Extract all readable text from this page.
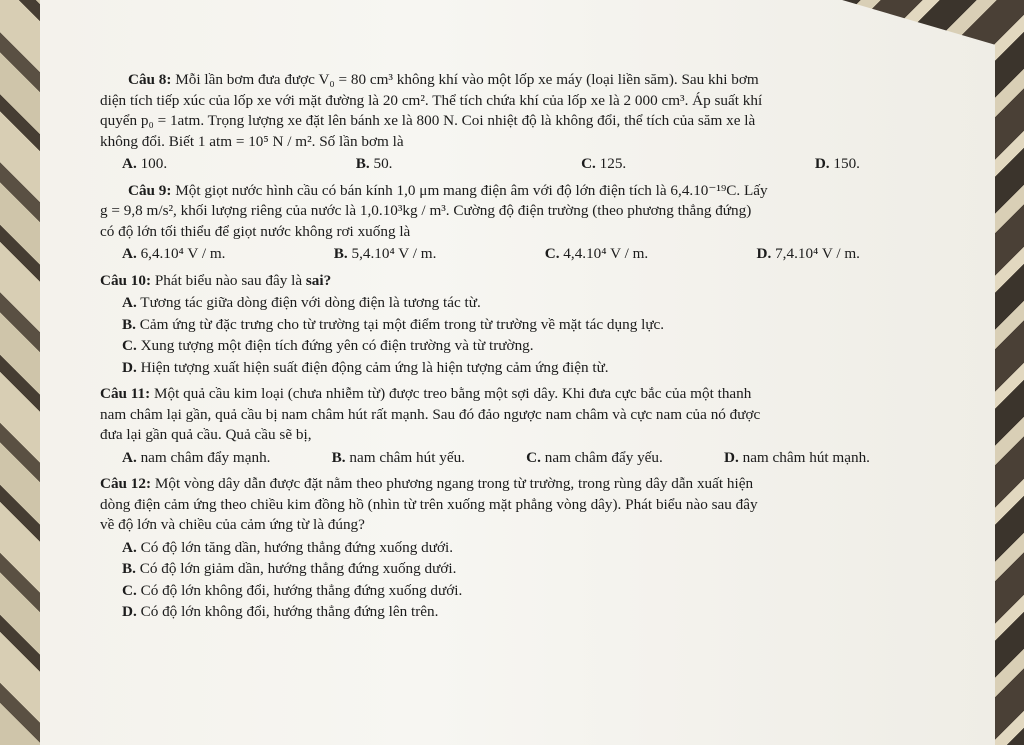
Câu 8: Mỗi lần bơm đưa được V₀ = 80 cm³ không khí vào một lốp xe máy (loại liền săm). Sau khi bơm

diện tích tiếp xúc của lốp xe với mặt đường là 20 cm². Thể tích chứa khí của lốp xe là 2 000 cm³. Áp suất khí

quyển p₀ = 1atm. Trọng lượng xe đặt lên bánh xe là 800 N. Coi nhiệt độ là không đổi, thể tích của săm xe là

không đổi. Biết 1 atm = 10⁵ N / m². Số lần bơm là

A. 100.	B. 50.	C. 125.	D. 150.

Câu 9: Một giọt nước hình cầu có bán kính 1,0 μm mang điện âm với độ lớn điện tích là 6,4.10⁻¹⁹C. Lấy

g = 9,8 m/s², khối lượng riêng của nước là 1,0.10³kg / m³. Cường độ điện trường (theo phương thẳng đứng)

có độ lớn tối thiểu để giọt nước không rơi xuống là

A. 6,4.10⁴ V / m.	B. 5,4.10⁴ V / m.	C. 4,4.10⁴ V / m.	D. 7,4.10⁴ V / m.

Câu 10: Phát biểu nào sau đây là sai?

A. Tương tác giữa dòng điện với dòng điện là tương tác từ.
B. Cảm ứng từ đặc trưng cho từ trường tại một điểm trong từ trường về mặt tác dụng lực.
C. Xung tượng một điện tích đứng yên có điện trường và từ trường.
D. Hiện tượng xuất hiện suất điện động cảm ứng là hiện tượng cảm ứng điện từ.

Câu 11: Một quả cầu kim loại (chưa nhiễm từ) được treo bằng một sợi dây. Khi đưa cực bắc của một thanh

nam châm lại gần, quả cầu bị nam châm hút rất mạnh. Sau đó đảo ngược nam châm và cực nam của nó được

đưa lại gần quả cầu. Quả cầu sẽ bị,

A. nam châm đẩy mạnh.	B. nam châm hút yếu.	C. nam châm đẩy yếu.	D. nam châm hút mạnh.

Câu 12: Một vòng dây dẫn được đặt nằm theo phương ngang trong từ trường, trong rùng dây dẫn xuất hiện

dòng điện cảm ứng theo chiều kim đồng hồ (nhìn từ trên xuống mặt phẳng vòng dây). Phát biểu nào sau đây

về độ lớn và chiều của cảm ứng từ là đúng?

A. Có độ lớn tăng dần, hướng thẳng đứng xuống dưới.
B. Có độ lớn giảm dần, hướng thẳng đứng xuống dưới.
C. Có độ lớn không đổi, hướng thẳng đứng xuống dưới.
D. Có độ lớn không đổi, hướng thẳng đứng lên trên.
